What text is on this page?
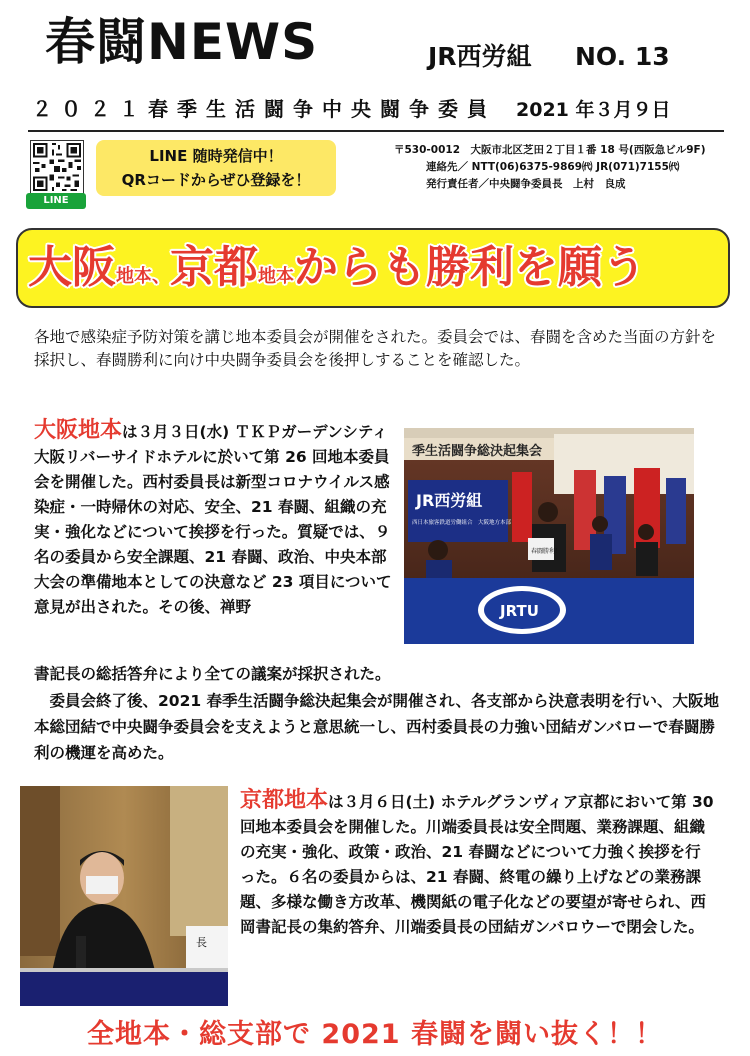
春闘NEWS	JR西労組 NO. 13
２０２１春季生活闘争中央闘争委員 2021 年３月９日
LINE
LINE 随時発信中！
QRコードからぜひ登録を！
〒530-0012　大阪市北区芝田２丁目１番 18 号(西阪急ビル9F)
連絡先／ NTT(06)6375-9869㈹ JR(071)7155㈹
発行責任者／中央闘争委員長　上村　良成
大阪地本、京都地本からも勝利を願う
各地で感染症予防対策を講じ地本委員会が開催をされた。委員会では、春闘を含めた当面の方針を採択し、春闘勝利に向け中央闘争委員会を後押しすることを確認した。
大阪地本は３月３日(水) ＴＫＰガーデンシティ大阪リバーサイドホテルに於いて第 26 回地本委員会を開催した。西村委員長は新型コロナウイルス感染症・一時帰休の対応、安全、21 春闘、組織の充実・強化などについて挨拶を行った。質疑では、９名の委員から安全課題、21 春闘、政治、中央本部大会の準備地本としての決意など 23 項目について意見が出された。その後、禅野
書記長の総括答弁により全ての議案が採択された。
委員会終了後、2021 春季生活闘争総決起集会が開催され、各支部から決意表明を行い、大阪地本総団結で中央闘争委員会を支えようと意思統一し、西村委員長の力強い団結ガンバローで春闘勝利の機運を高めた。
季生活闘争総決起集会
JR西労組
西日本旅客鉄道労働組合　大阪地方本部
春闘勝利！
JRTU
長
京都地本は３月６日(土) ホテルグランヴィア京都において第 30 回地本委員会を開催した。川端委員長は安全問題、業務課題、組織の充実・強化、政策・政治、21 春闘などについて力強く挨拶を行った。６名の委員からは、21 春闘、終電の繰り上げなどの業務課題、多様な働き方改革、機関紙の電子化などの要望が寄せられ、西岡書記長の集約答弁、川端委員長の団結ガンバロウーで閉会した。
全地本・総支部で 2021 春闘を闘い抜く！！
